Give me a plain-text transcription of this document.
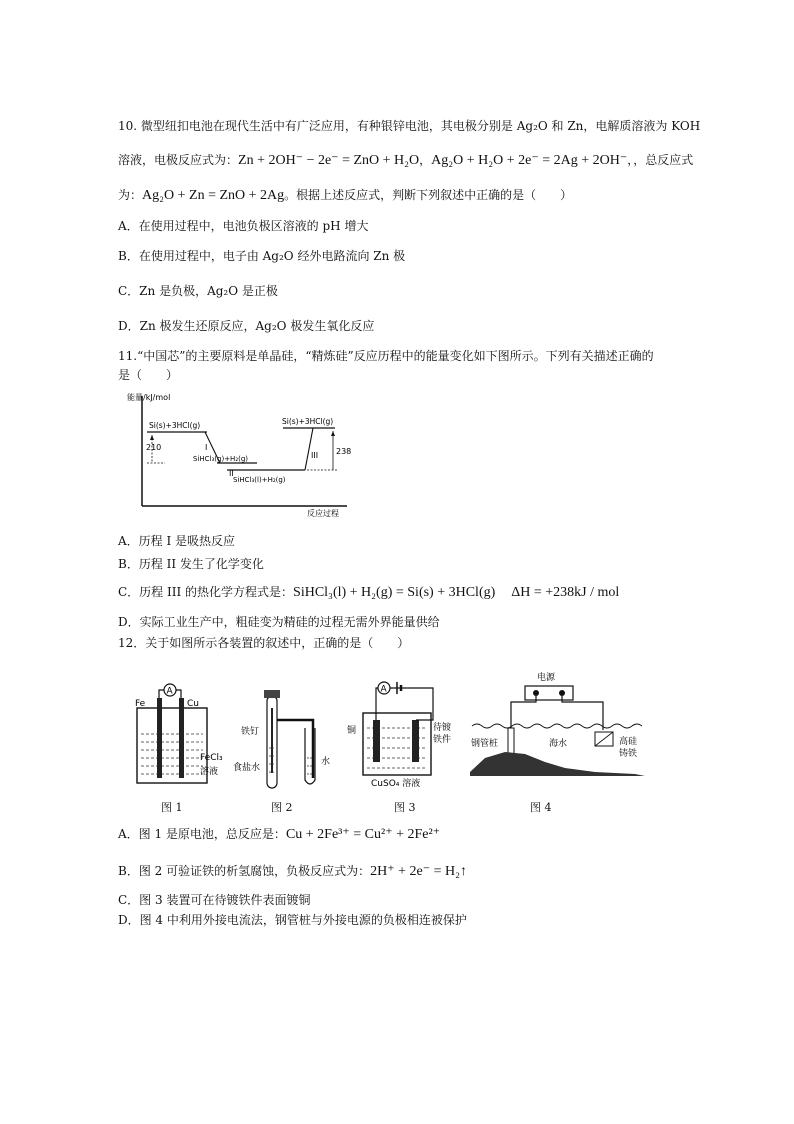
10. 微型纽扣电池在现代生活中有广泛应用，有种银锌电池，其电极分别是 Ag₂O 和 Zn，电解质溶液为 KOH
溶液，电极反应式为：Zn + 2OH⁻ − 2e⁻ = ZnO + H₂O，Ag₂O + H₂O + 2e⁻ = 2Ag + 2OH⁻，，总反应式
为：Ag₂O + Zn = ZnO + 2Ag。根据上述反应式，判断下列叙述中正确的是（　　）
A．在使用过程中，电池负极区溶液的 pH 增大
B．在使用过程中，电子由 Ag₂O 经外电路流向 Zn 极
C．Zn 是负极，Ag₂O 是正极
D．Zn 极发生还原反应，Ag₂O 极发生氧化反应
11.“中国芯”的主要原料是单晶硅，“精炼硅”反应历程中的能量变化如下图所示。下列有关描述正确的
是（　　）
能量/kJ/mol
反应过程
Si(s)+3HCl(g)
SiHCl₃(g)+H₂(g)
SiHCl₃(l)+H₂(g)
Si(s)+3HCl(g)
210	238
I
II
III
A．历程 I 是吸热反应
B．历程 II 发生了化学变化
C．历程 III 的热化学方程式是：SiHCl₃(l) + H₂(g) = Si(s) + 3HCl(g) ΔH = +238kJ / mol
D．实际工业生产中，粗硅变为精硅的过程无需外界能量供给
12．关于如图所示各装置的叙述中，正确的是（　　）
A
Fe	Cu
FeCl₃
溶液
铁钉
食盐水
水
A
铜	待镀
铁件
CuSO₄ 溶液
电源
钢管桩	海水	高硅
铸铁
图 1	图 2	图 3	图 4
A．图 1 是原电池，总反应是：Cu + 2Fe³⁺ = Cu²⁺ + 2Fe²⁺
B．图 2 可验证铁的析氢腐蚀，负极反应式为：2H⁺ + 2e⁻ = H₂↑
C．图 3 装置可在待镀铁件表面镀铜
D．图 4 中利用外接电流法，钢管桩与外接电源的负极相连被保护
